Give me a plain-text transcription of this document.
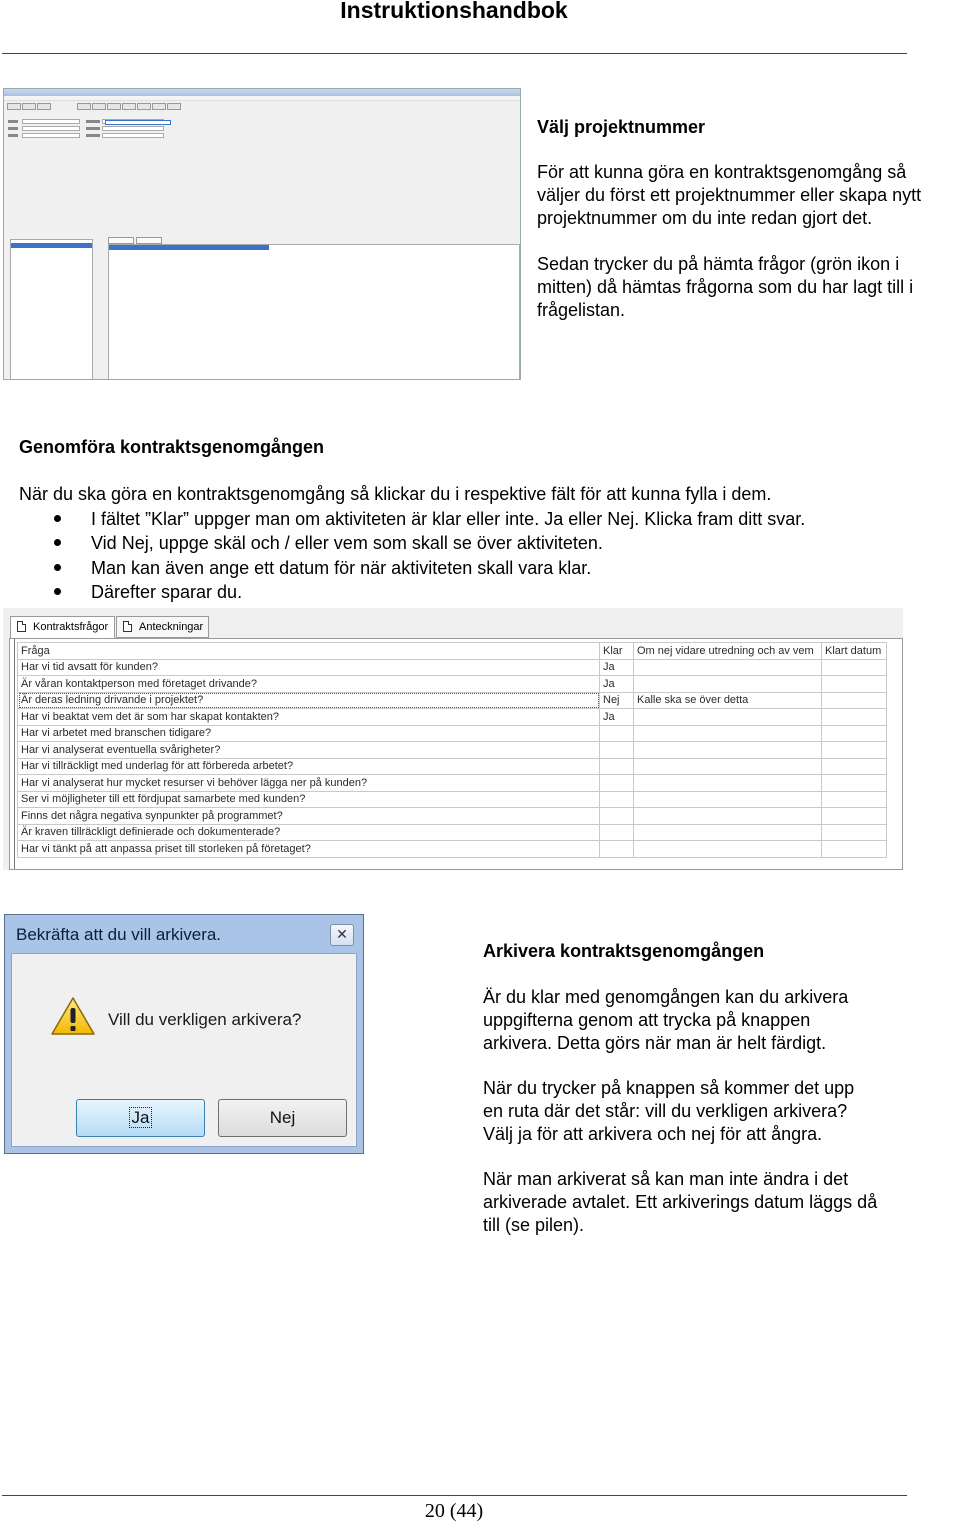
Instruktionshandbok
Välj projektnummer

För att kunna göra en kontraktsgenomgång så

väljer du först ett projektnummer eller skapa nytt

projektnummer om du inte redan gjort det.

Sedan trycker du på hämta frågor (grön ikon i

mitten) då hämtas frågorna som du har lagt till i

frågelistan.

Genomföra kontraktsgenomgången
När du ska göra en kontraktsgenomgång så klickar du i respektive fält för att kunna fylla i dem.
I fältet ”Klar” uppger man om aktiviteten är klar eller inte. Ja eller Nej. Klicka fram ditt svar.
Vid Nej, uppge skäl och / eller vem som skall se över aktiviteten.
Man kan även ange ett datum för när aktiviteten skall vara klar.
Därefter sparar du.
Kontraktsfrågor	Anteckningar
Fråga	Klar	Om nej vidare utredning och av vem	Klart datum
Har vi tid avsatt för kunden?	Ja		
Är våran kontaktperson med företaget drivande?	Ja		
Är deras ledning drivande i projektet?	Nej	Kalle ska se över detta	
Har vi beaktat vem det är som har skapat kontakten?	Ja		
Har vi arbetet med branschen tidigare?			
Har vi analyserat eventuella svårigheter?			
Har vi tillräckligt med underlag för att förbereda arbetet?			
Har vi analyserat hur mycket resurser vi behöver lägga ner på kunden?			
Ser vi möjligheter till ett fördjupat samarbete med kunden?			
Finns det några negativa synpunkter på programmet?			
Är kraven tillräckligt definierade och dokumenterade?			
Har vi tänkt på att anpassa priset till storleken på företaget?			
Bekräfta att du vill arkivera.	✕
Vill du verkligen arkivera?
Ja	Nej
Arkivera kontraktsgenomgången

Är du klar med genomgången kan du arkivera

uppgifterna genom att trycka på knappen

arkivera. Detta görs när man är helt färdigt.

När du trycker på knappen så kommer det upp

en ruta där det står: vill du verkligen arkivera?

Välj ja för att arkivera och nej för att ångra.

När man arkiverat så kan man inte ändra i det

arkiverade avtalet. Ett arkiverings datum läggs då

till (se pilen).

20 (44)
